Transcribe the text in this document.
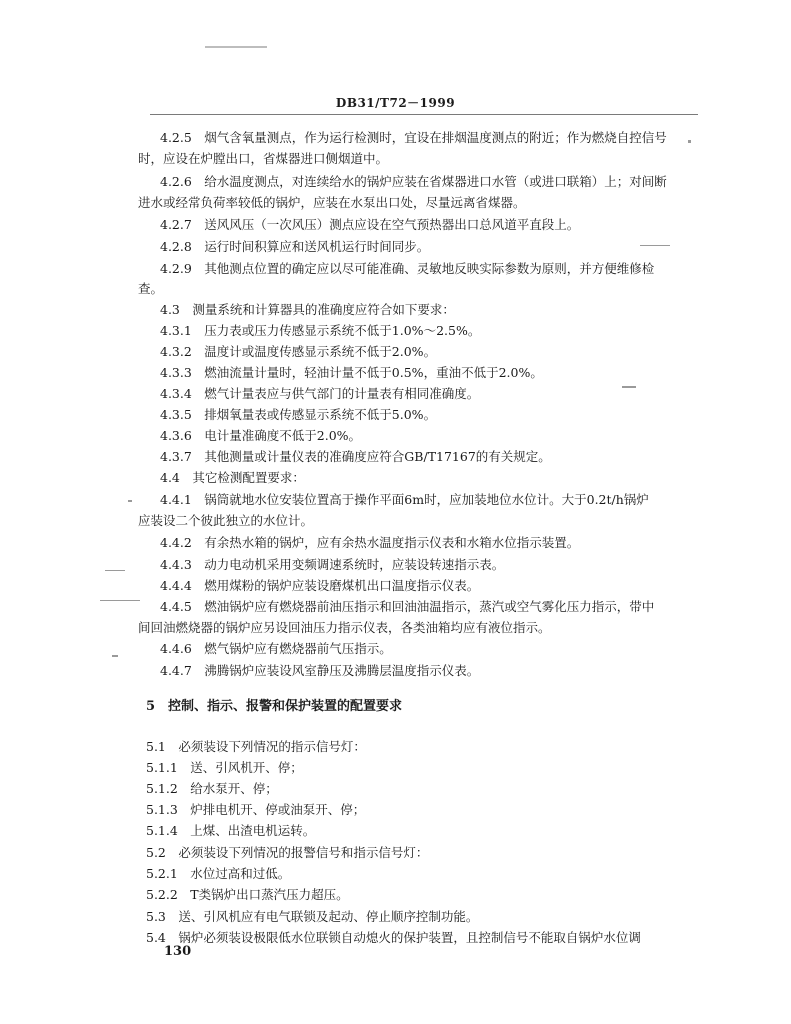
DB31/T72－1999
4.2.5　烟气含氧量测点，作为运行检测时，宜设在排烟温度测点的附近；作为燃烧自控信号
时，应设在炉膛出口，省煤器进口侧烟道中。
4.2.6　给水温度测点，对连续给水的锅炉应装在省煤器进口水管（或进口联箱）上；对间断
进水或经常负荷率较低的锅炉，应装在水泵出口处，尽量远离省煤器。
4.2.7　送风风压（一次风压）测点应设在空气预热器出口总风道平直段上。
4.2.8　运行时间积算应和送风机运行时间同步。
4.2.9　其他测点位置的确定应以尽可能准确、灵敏地反映实际参数为原则，并方便维修检
查。
4.3　测量系统和计算器具的准确度应符合如下要求：
4.3.1　压力表或压力传感显示系统不低于1.0%～2.5%。
4.3.2　温度计或温度传感显示系统不低于2.0%。
4.3.3　燃油流量计量时，轻油计量不低于0.5%，重油不低于2.0%。
4.3.4　燃气计量表应与供气部门的计量表有相同准确度。
4.3.5　排烟氧量表或传感显示系统不低于5.0%。
4.3.6　电计量准确度不低于2.0%。
4.3.7　其他测量或计量仪表的准确度应符合GB/T17167的有关规定。
4.4　其它检测配置要求：
4.4.1　锅筒就地水位安装位置高于操作平面6m时，应加装地位水位计。大于0.2t/h锅炉
应装设二个彼此独立的水位计。
4.4.2　有余热水箱的锅炉，应有余热水温度指示仪表和水箱水位指示装置。
4.4.3　动力电动机采用变频调速系统时，应装设转速指示表。
4.4.4　燃用煤粉的锅炉应装设磨煤机出口温度指示仪表。
4.4.5　燃油锅炉应有燃烧器前油压指示和回油油温指示，蒸汽或空气雾化压力指示，带中
间回油燃烧器的锅炉应另设回油压力指示仪表，各类油箱均应有液位指示。
4.4.6　燃气锅炉应有燃烧器前气压指示。
4.4.7　沸腾锅炉应装设风室静压及沸腾层温度指示仪表。
5　控制、指示、报警和保护装置的配置要求
5.1　必须装设下列情况的指示信号灯：
5.1.1　送、引风机开、停；
5.1.2　给水泵开、停；
5.1.3　炉排电机开、停或油泵开、停；
5.1.4　上煤、出渣电机运转。
5.2　必须装设下列情况的报警信号和指示信号灯：
5.2.1　水位过高和过低。
5.2.2　T类锅炉出口蒸汽压力超压。
5.3　送、引风机应有电气联锁及起动、停止顺序控制功能。
5.4　锅炉必须装设极限低水位联锁自动熄火的保护装置，且控制信号不能取自锅炉水位调
130
